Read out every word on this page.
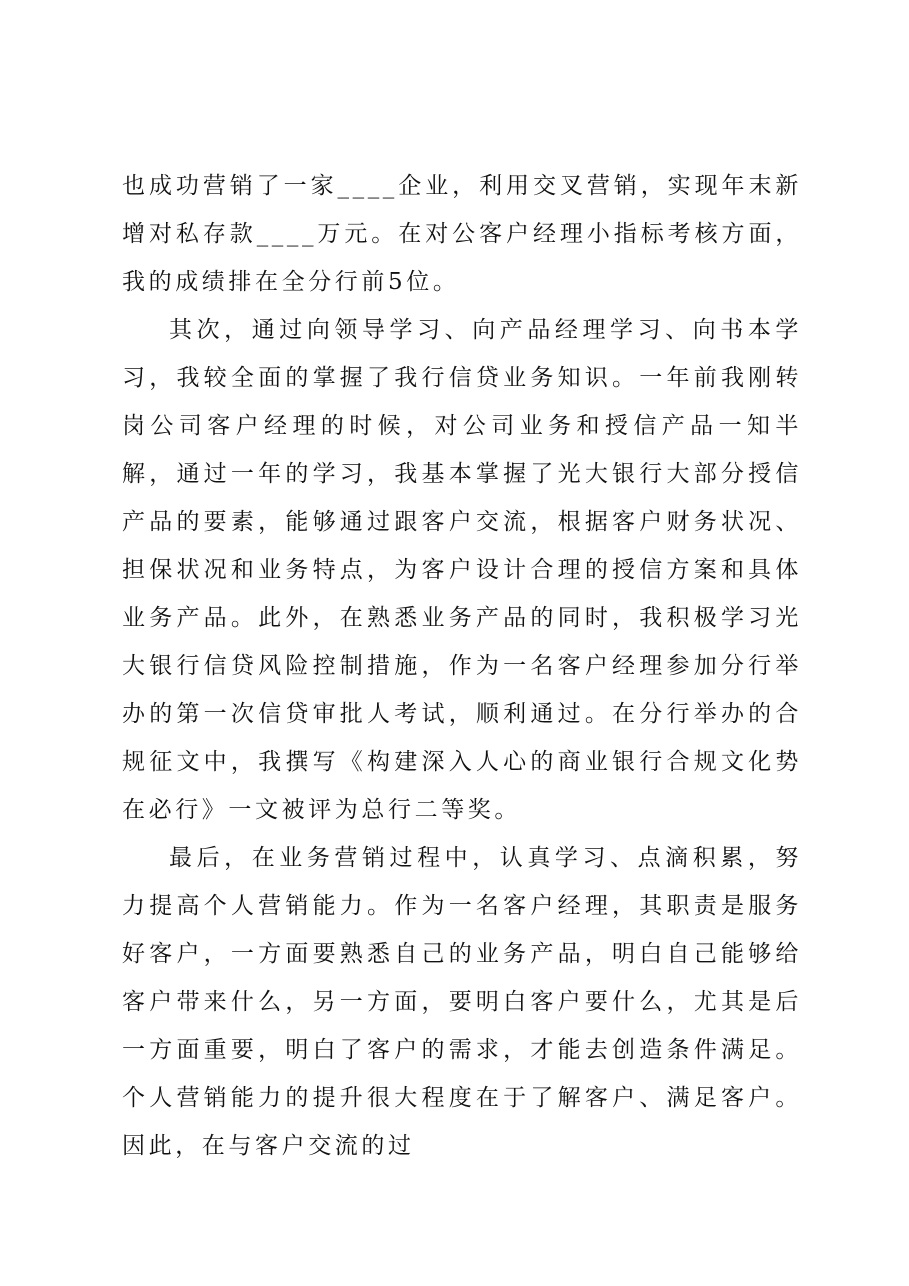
也成功营销了一家____企业，利用交叉营销，实现年末新增对私存款____万元。在对公客户经理小指标考核方面，我的成绩排在全分行前5位。

其次，通过向领导学习、向产品经理学习、向书本学习，我较全面的掌握了我行信贷业务知识。一年前我刚转岗公司客户经理的时候，对公司业务和授信产品一知半解，通过一年的学习，我基本掌握了光大银行大部分授信产品的要素，能够通过跟客户交流，根据客户财务状况、担保状况和业务特点，为客户设计合理的授信方案和具体业务产品。此外，在熟悉业务产品的同时，我积极学习光大银行信贷风险控制措施，作为一名客户经理参加分行举办的第一次信贷审批人考试，顺利通过。在分行举办的合规征文中，我撰写《构建深入人心的商业银行合规文化势在必行》一文被评为总行二等奖。

最后，在业务营销过程中，认真学习、点滴积累，努力提高个人营销能力。作为一名客户经理，其职责是服务好客户，一方面要熟悉自己的业务产品，明白自己能够给客户带来什么，另一方面，要明白客户要什么，尤其是后一方面重要，明白了客户的需求，才能去创造条件满足。个人营销能力的提升很大程度在于了解客户、满足客户。因此，在与客户交流的过
